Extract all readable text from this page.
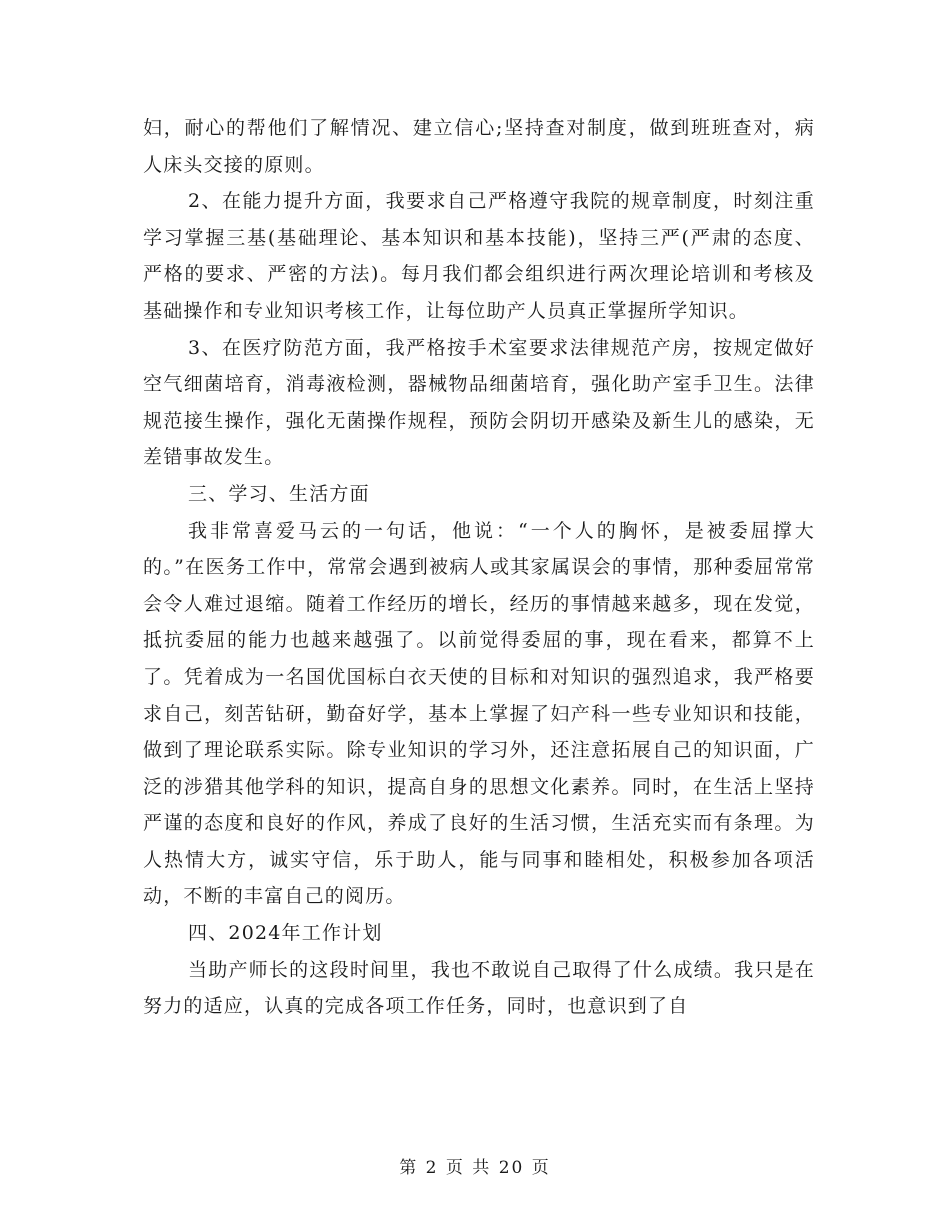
妇，耐心的帮他们了解情况、建立信心;坚持查对制度，做到班班查对，病人床头交接的原则。

2、在能力提升方面，我要求自己严格遵守我院的规章制度，时刻注重学习掌握三基(基础理论、基本知识和基本技能)，坚持三严(严肃的态度、严格的要求、严密的方法)。每月我们都会组织进行两次理论培训和考核及基础操作和专业知识考核工作，让每位助产人员真正掌握所学知识。

3、在医疗防范方面，我严格按手术室要求法律规范产房，按规定做好空气细菌培育，消毒液检测，器械物品细菌培育，强化助产室手卫生。法律规范接生操作，强化无菌操作规程，预防会阴切开感染及新生儿的感染，无差错事故发生。

三、学习、生活方面

我非常喜爱马云的一句话，他说：“一个人的胸怀，是被委屈撑大的。”在医务工作中，常常会遇到被病人或其家属误会的事情，那种委屈常常会令人难过退缩。随着工作经历的增长，经历的事情越来越多，现在发觉，抵抗委屈的能力也越来越强了。以前觉得委屈的事，现在看来，都算不上了。凭着成为一名国优国标白衣天使的目标和对知识的强烈追求，我严格要求自己，刻苦钻研，勤奋好学，基本上掌握了妇产科一些专业知识和技能，做到了理论联系实际。除专业知识的学习外，还注意拓展自己的知识面，广泛的涉猎其他学科的知识，提高自身的思想文化素养。同时，在生活上坚持严谨的态度和良好的作风，养成了良好的生活习惯，生活充实而有条理。为人热情大方，诚实守信，乐于助人，能与同事和睦相处，积极参加各项活动，不断的丰富自己的阅历。

四、2024年工作计划

当助产师长的这段时间里，我也不敢说自己取得了什么成绩。我只是在努力的适应，认真的完成各项工作任务，同时，也意识到了自

第 2 页 共 20 页
